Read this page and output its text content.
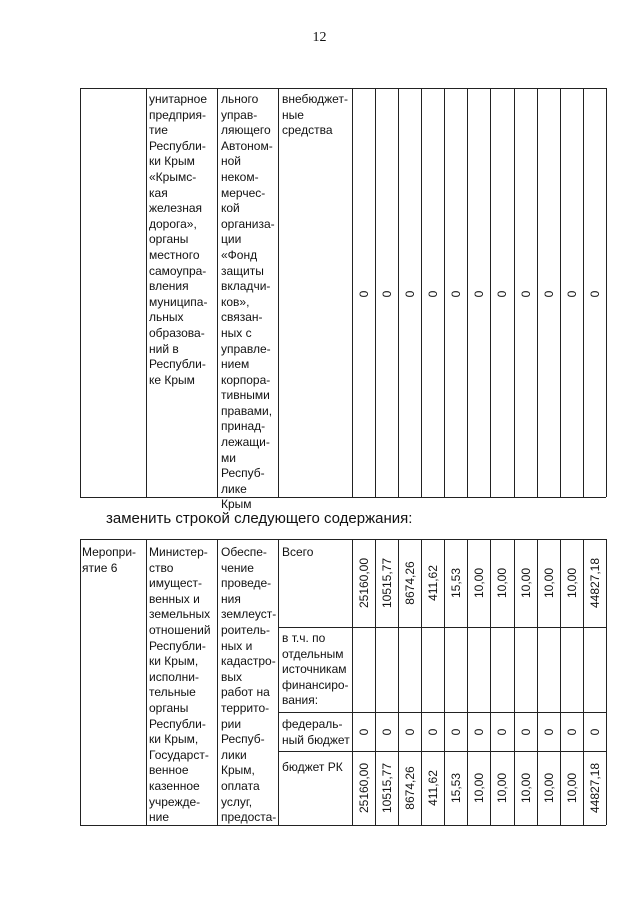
12
унитарное
предприя-
тие
Республи-
ки Крым
«Крымс-
кая
железная
дорога»,
органы
местного
самоупра-
вления
муниципа-
льных
образова-
ний в
Республи-
ке Крым
льного
управ-
ляющего
Автоном-
ной
неком-
мерчес-
кой
организа-
ции
«Фонд
защиты
вкладчи-
ков»,
связан-
ных с
управле-
нием
корпора-
тивными
правами,
принад-
лежащи-
ми
Респуб-
лике
Крым
внебюджет-
ные
средства
заменить строкой следующего содержания:
Меропри-
ятие 6
Министер-
ство
имущест-
венных и
земельных
отношений
Республи-
ки Крым,
исполни-
тельные
органы
Республи-
ки Крым,
Государст-
венное
казенное
учрежде-
ние
Обеспе-
чение
проведе-
ния
землеуст-
роитель-
ных и
кадастро-
вых
работ на
террито-
рии
Респуб-
лики
Крым,
оплата
услуг,
предоста-
Всего
в т.ч. по
отдельным
источникам
финансиро-
вания:
федераль-
ный бюджет
бюджет РК
0 0 0 0 0 0 0 0 0 0 0
25160,00 10515,77 8674,26 411,62 15,53 10,00 10,00 10,00 10,00 10,00 44827,18
0 0 0 0 0 0 0 0 0 0 0
25160,00 10515,77 8674,26 411,62 15,53 10,00 10,00 10,00 10,00 10,00 44827,18
